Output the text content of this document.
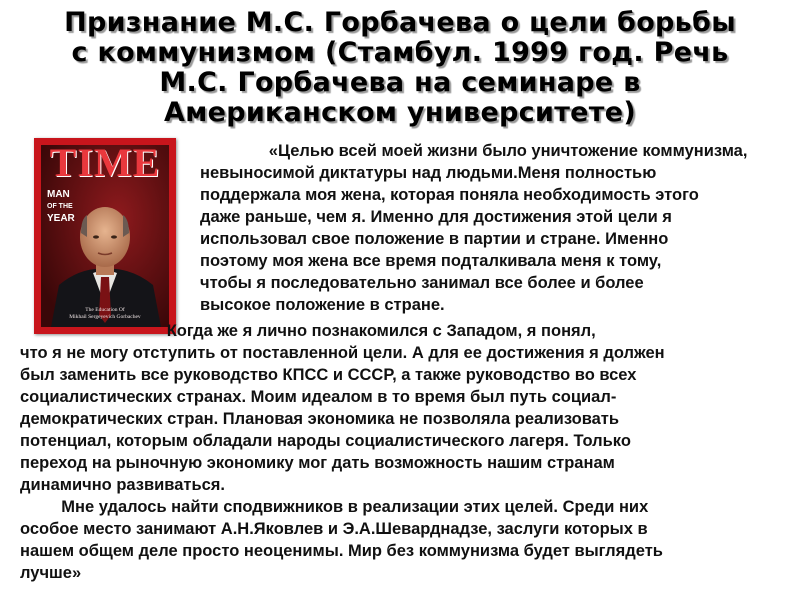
Признание М.С. Горбачева о цели борьбы
с коммунизмом (Стамбул. 1999 год. Речь
М.С. Горбачева на семинаре в
Американском университете)
TIME
MAN
OF THE
YEAR
The Education Of
Mikhail Sergeyevich Gorbachev

«Целью всей моей жизни было уничтожение коммунизма,
невыносимой диктатуры над людьми.Меня полностью
поддержала моя жена, которая поняла необходимость этого
даже раньше, чем я. Именно для достижения этой цели я
использовал свое положение в партии и стране. Именно
поэтому моя жена все время подталкивала меня к тому,
чтобы я последовательно занимал все более и более
высокое положение в стране.

Когда же я лично познакомился с Западом, я понял,
что я не могу отступить от поставленной цели. А для ее достижения я должен
был заменить все руководство КПСС и СССР, а также руководство во всех
социалистических странах. Моим идеалом в то время был путь социал-
демократических стран. Плановая экономика не позволяла реализовать
потенциал, которым обладали народы социалистического лагеря. Только
переход на рыночную экономику мог дать возможность нашим странам
динамично развиваться.

Мне удалось найти сподвижников в реализации этих целей. Среди них
особое место занимают А.Н.Яковлев и Э.А.Шеварднадзе, заслуги которых в
нашем общем деле просто неоценимы. Мир без коммунизма будет выглядеть
лучше»
